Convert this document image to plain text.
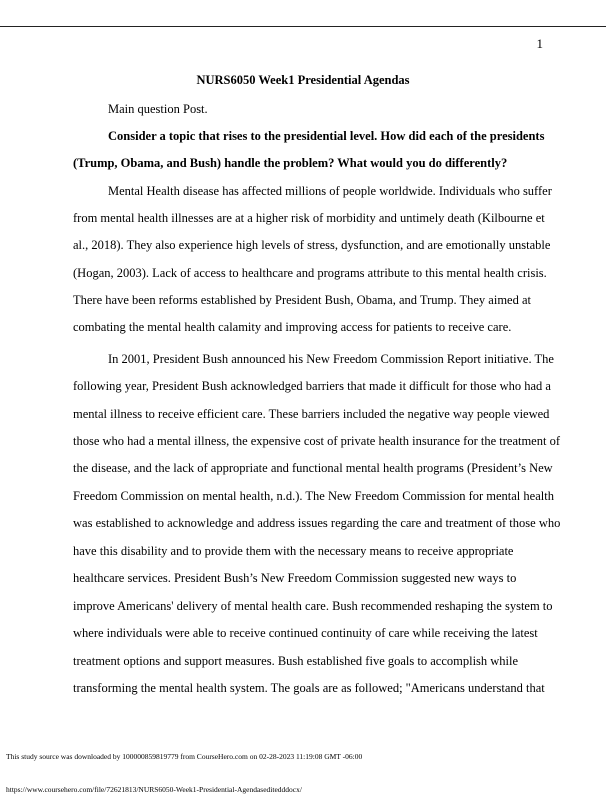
1
NURS6050 Week1 Presidential Agendas
Main question Post.
Consider a topic that rises to the presidential level. How did each of the presidents
(Trump, Obama, and Bush) handle the problem? What would you do differently?
Mental Health disease has affected millions of people worldwide. Individuals who suffer
from mental health illnesses are at a higher risk of morbidity and untimely death (Kilbourne et
al., 2018). They also experience high levels of stress, dysfunction, and are emotionally unstable
(Hogan, 2003). Lack of access to healthcare and programs attribute to this mental health crisis.
There have been reforms established by President Bush, Obama, and Trump. They aimed at
combating the mental health calamity and improving access for patients to receive care.
In 2001, President Bush announced his New Freedom Commission Report initiative. The
following year, President Bush acknowledged barriers that made it difficult for those who had a
mental illness to receive efficient care. These barriers included the negative way people viewed
those who had a mental illness, the expensive cost of private health insurance for the treatment of
the disease, and the lack of appropriate and functional mental health programs (President’s New
Freedom Commission on mental health, n.d.). The New Freedom Commission for mental health
was established to acknowledge and address issues regarding the care and treatment of those who
have this disability and to provide them with the necessary means to receive appropriate
healthcare services. President Bush’s New Freedom Commission suggested new ways to
improve Americans' delivery of mental health care. Bush recommended reshaping the system to
where individuals were able to receive continued continuity of care while receiving the latest
treatment options and support measures. Bush established five goals to accomplish while
transforming the mental health system. The goals are as followed; "Americans understand that
This study source was downloaded by 100000859819779 from CourseHero.com on 02-28-2023 11:19:08 GMT -06:00
https://www.coursehero.com/file/72621813/NURS6050-Week1-Presidential-Agendaseditedddocx/
